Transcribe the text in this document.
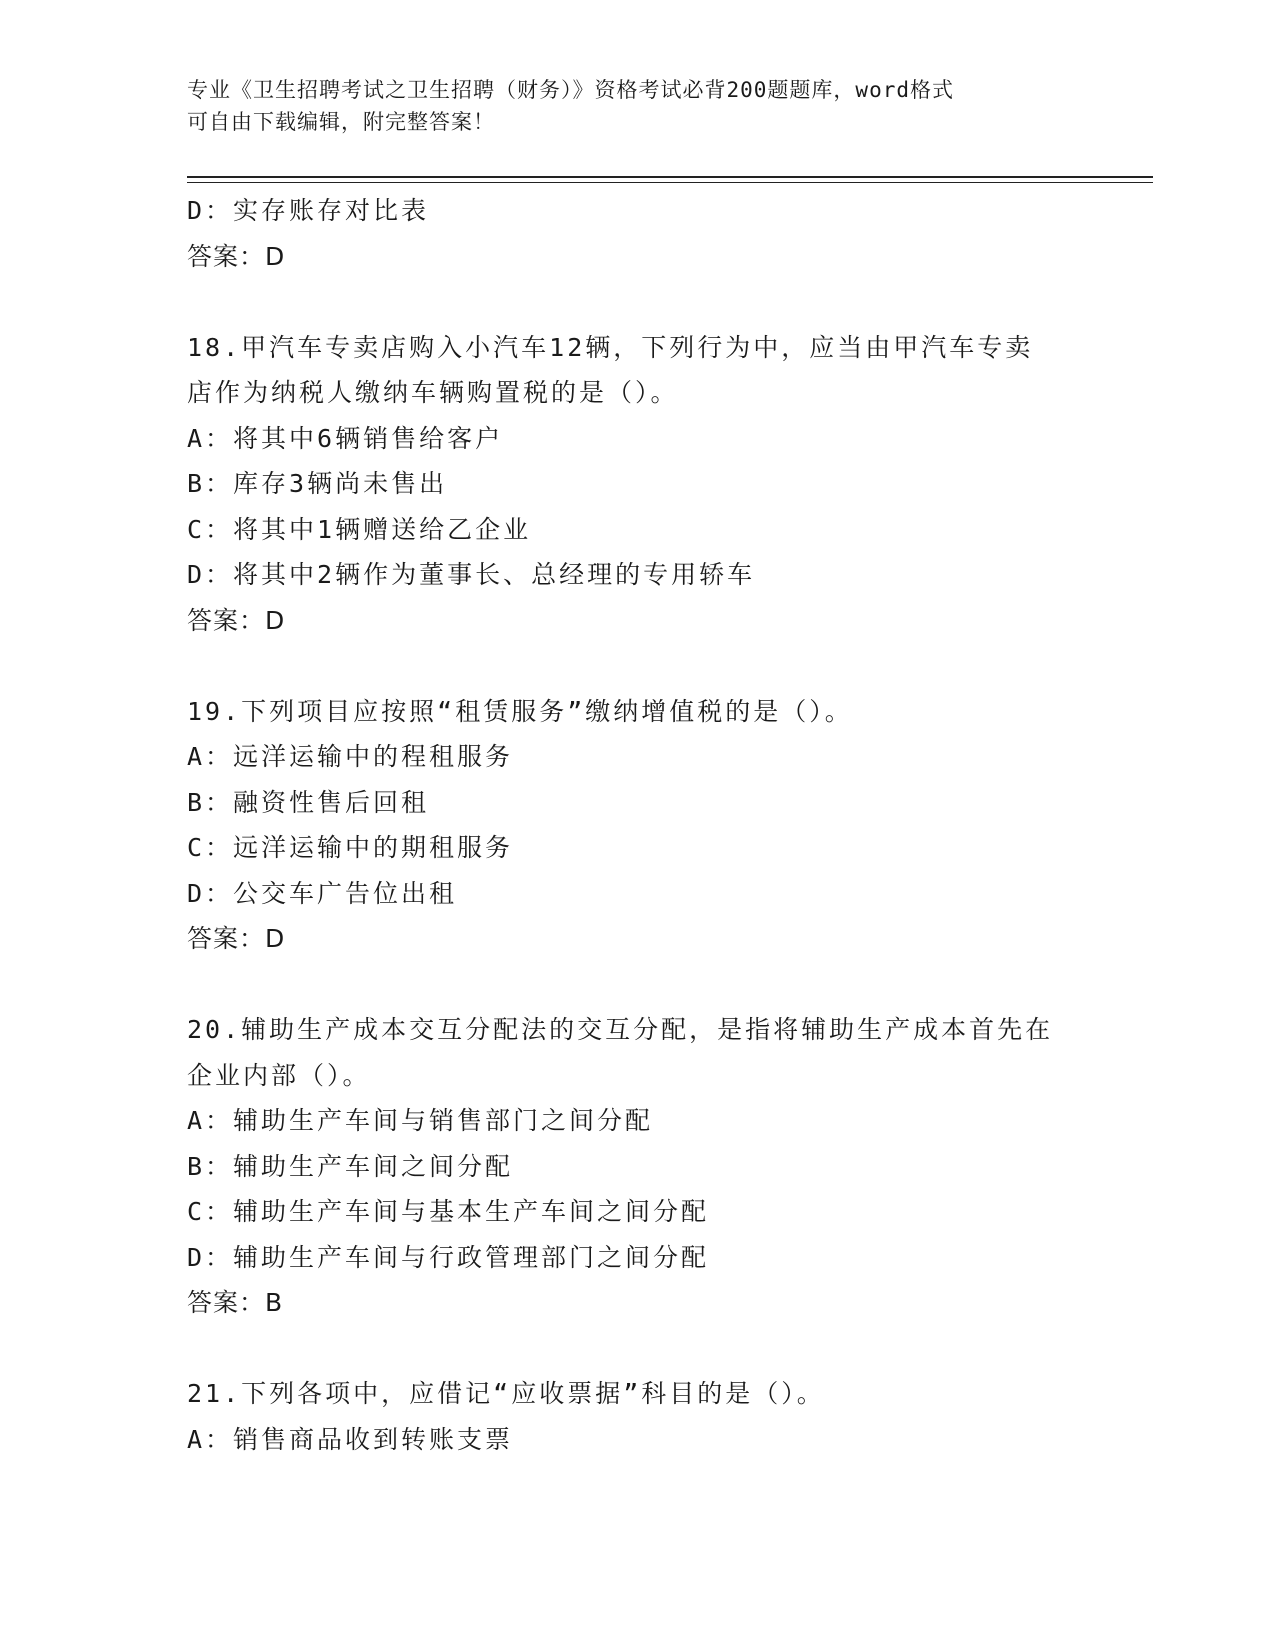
专业《卫生招聘考试之卫生招聘（财务）》资格考试必背200题题库，word格式
可自由下载编辑，附完整答案！
D：实存账存对比表
答案：D
18.甲汽车专卖店购入小汽车12辆，下列行为中，应当由甲汽车专卖
店作为纳税人缴纳车辆购置税的是（）。
A：将其中6辆销售给客户
B：库存3辆尚未售出
C：将其中1辆赠送给乙企业
D：将其中2辆作为董事长、总经理的专用轿车
答案：D
19.下列项目应按照“租赁服务”缴纳增值税的是（）。
A：远洋运输中的程租服务
B：融资性售后回租
C：远洋运输中的期租服务
D：公交车广告位出租
答案：D
20.辅助生产成本交互分配法的交互分配，是指将辅助生产成本首先在
企业内部（）。
A：辅助生产车间与销售部门之间分配
B：辅助生产车间之间分配
C：辅助生产车间与基本生产车间之间分配
D：辅助生产车间与行政管理部门之间分配
答案：B
21.下列各项中，应借记“应收票据”科目的是（）。
A：销售商品收到转账支票
